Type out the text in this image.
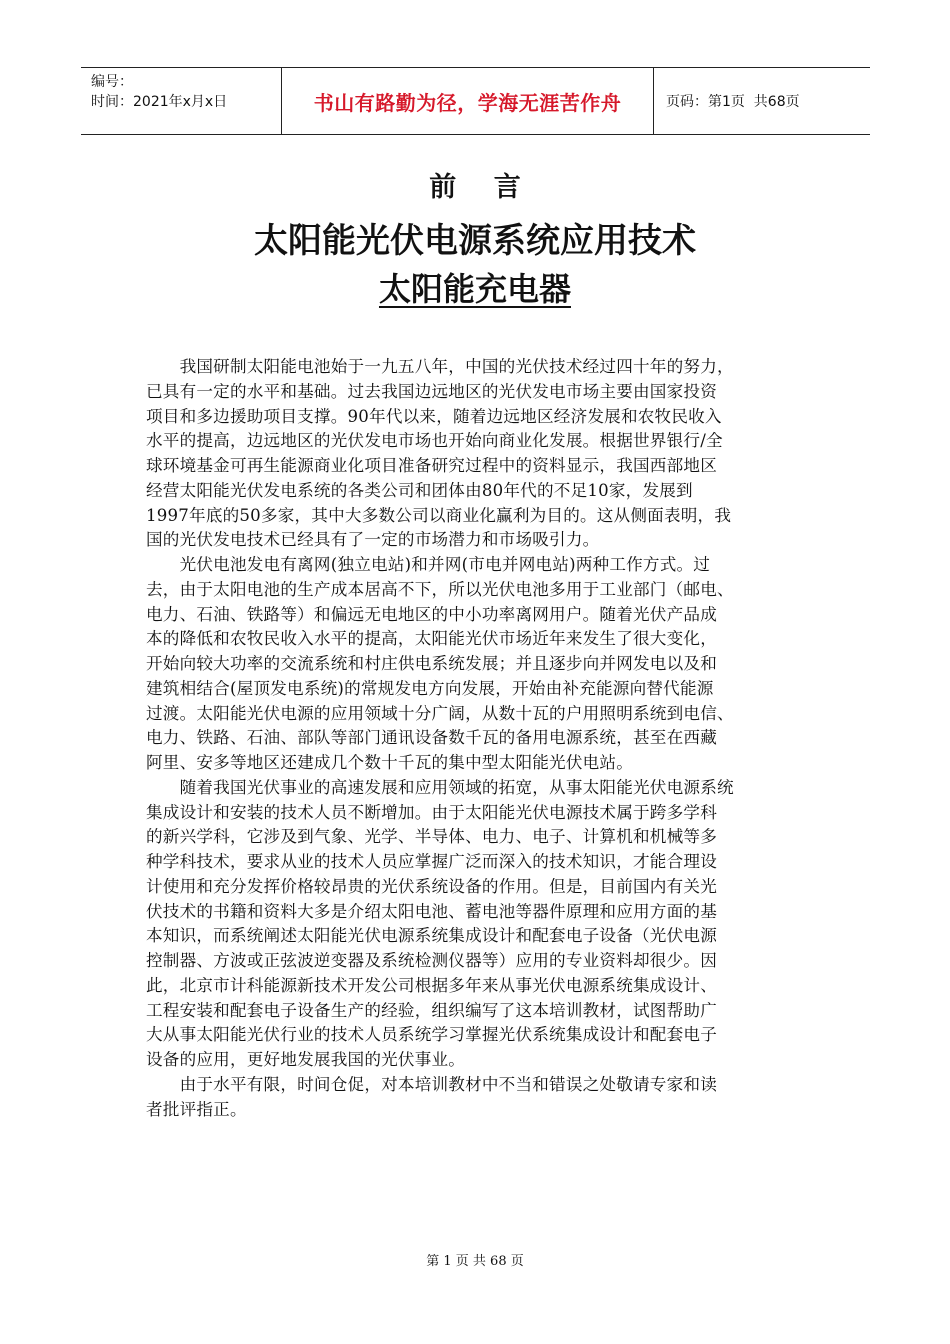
编号：
时间：2021年x月x日	书山有路勤为径，学海无涯苦作舟	页码：第1页  共68页
前    言
太阳能光伏电源系统应用技术
太阳能充电器
　　我国研制太阳能电池始于一九五八年，中国的光伏技术经过四十年的努力，
已具有一定的水平和基础。过去我国边远地区的光伏发电市场主要由国家投资
项目和多边援助项目支撑。90年代以来，随着边远地区经济发展和农牧民收入
水平的提高，边远地区的光伏发电市场也开始向商业化发展。根据世界银行/全
球环境基金可再生能源商业化项目准备研究过程中的资料显示，我国西部地区
经营太阳能光伏发电系统的各类公司和团体由80年代的不足10家，发展到
1997年底的50多家，其中大多数公司以商业化赢利为目的。这从侧面表明，我
国的光伏发电技术已经具有了一定的市场潜力和市场吸引力。
　　光伏电池发电有离网(独立电站)和并网(市电并网电站)两种工作方式。过
去，由于太阳电池的生产成本居高不下，所以光伏电池多用于工业部门（邮电、
电力、石油、铁路等）和偏远无电地区的中小功率离网用户。随着光伏产品成
本的降低和农牧民收入水平的提高，太阳能光伏市场近年来发生了很大变化，
开始向较大功率的交流系统和村庄供电系统发展；并且逐步向并网发电以及和
建筑相结合(屋顶发电系统)的常规发电方向发展，开始由补充能源向替代能源
过渡。太阳能光伏电源的应用领域十分广阔，从数十瓦的户用照明系统到电信、
电力、铁路、石油、部队等部门通讯设备数千瓦的备用电源系统，甚至在西藏
阿里、安多等地区还建成几个数十千瓦的集中型太阳能光伏电站。
　　随着我国光伏事业的高速发展和应用领域的拓宽，从事太阳能光伏电源系统
集成设计和安装的技术人员不断增加。由于太阳能光伏电源技术属于跨多学科
的新兴学科，它涉及到气象、光学、半导体、电力、电子、计算机和机械等多
种学科技术，要求从业的技术人员应掌握广泛而深入的技术知识，才能合理设
计使用和充分发挥价格较昂贵的光伏系统设备的作用。但是，目前国内有关光
伏技术的书籍和资料大多是介绍太阳电池、蓄电池等器件原理和应用方面的基
本知识，而系统阐述太阳能光伏电源系统集成设计和配套电子设备（光伏电源
控制器、方波或正弦波逆变器及系统检测仪器等）应用的专业资料却很少。因
此，北京市计科能源新技术开发公司根据多年来从事光伏电源系统集成设计、
工程安装和配套电子设备生产的经验，组织编写了这本培训教材，试图帮助广
大从事太阳能光伏行业的技术人员系统学习掌握光伏系统集成设计和配套电子
设备的应用，更好地发展我国的光伏事业。
　　由于水平有限，时间仓促，对本培训教材中不当和错误之处敬请专家和读
者批评指正。
第 1 页 共 68 页
